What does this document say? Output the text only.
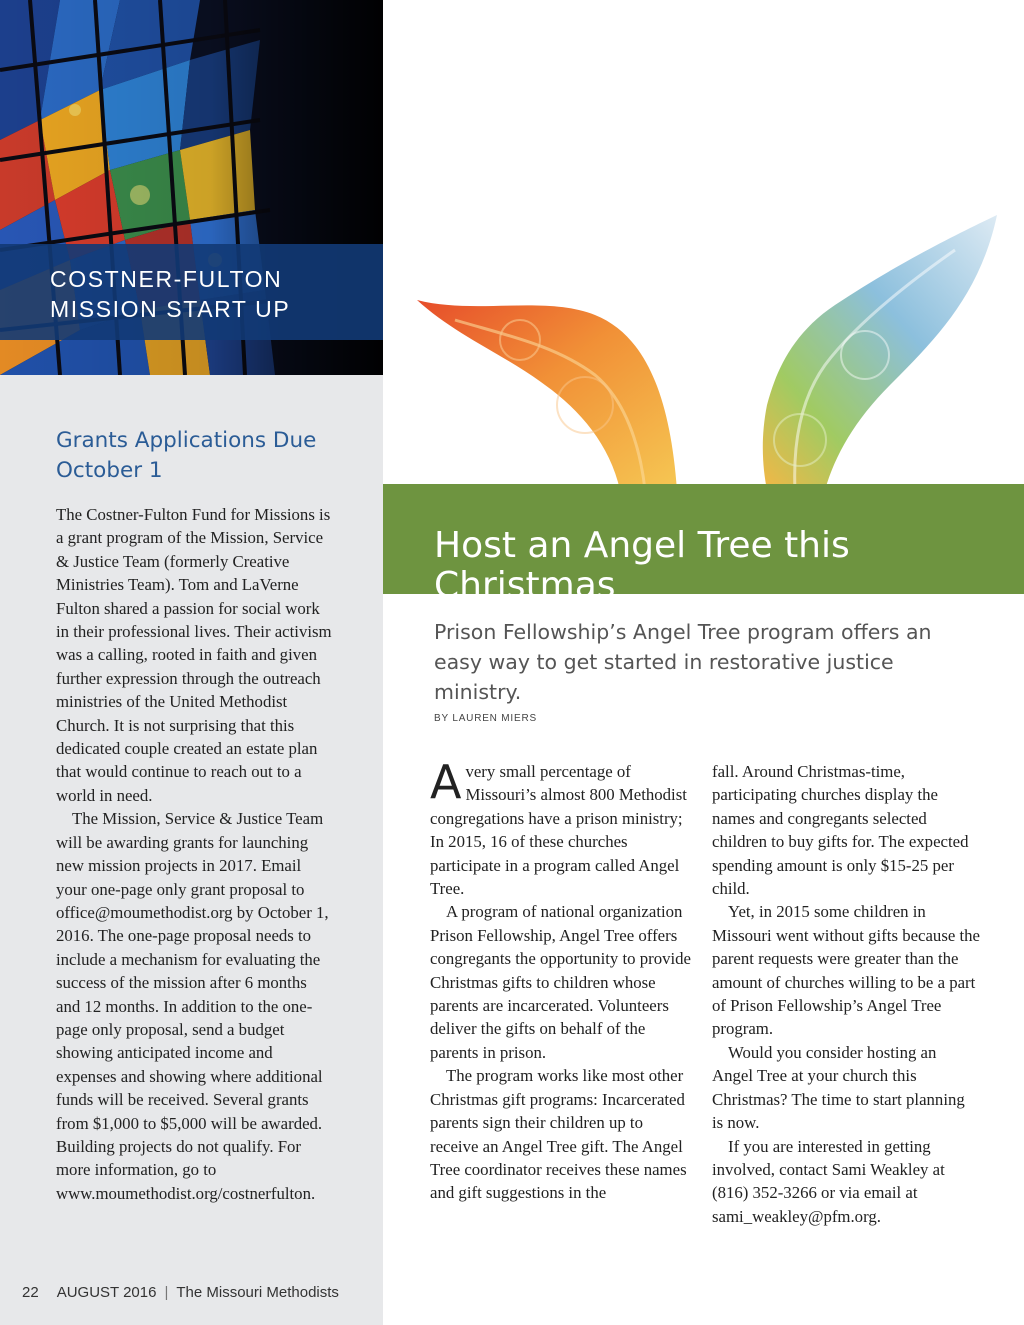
COSTNER-FULTON MISSION START UP
Grants Applications Due October 1

The Costner-Fulton Fund for Missions is a grant program of the Mission, Service & Justice Team (formerly Creative Ministries Team). Tom and LaVerne Fulton shared a passion for social work in their professional lives. Their activism was a calling, rooted in faith and given further expression through the outreach ministries of the United Methodist Church. It is not surprising that this dedicated couple created an estate plan that would continue to reach out to a world in need.

The Mission, Service & Justice Team will be awarding grants for launching new mission projects in 2017. Email your one-page only grant proposal to office@moumethodist.org by October 1, 2016. The one-page proposal needs to include a mechanism for evaluating the success of the mission after 6 months and 12 months. In addition to the one-page only proposal, send a budget showing anticipated income and expenses and showing where additional funds will be received. Several grants from $1,000 to $5,000 will be awarded. Building projects do not qualify. For more information, go to www.moumethodist.org/costnerfulton.

22 AUGUST 2016 | The Missouri Methodists
Host an Angel Tree this Christmas
Prison Fellowship’s Angel Tree program offers an easy way to get started in restorative justice ministry.
BY LAUREN MIERS

A very small percentage of Missouri’s almost 800 Methodist congregations have a prison ministry; In 2015, 16 of these churches participate in a program called Angel Tree.

A program of national organization Prison Fellowship, Angel Tree offers congregants the opportunity to provide Christmas gifts to children whose parents are incarcerated. Volunteers deliver the gifts on behalf of the parents in prison.

The program works like most other Christmas gift programs: Incarcerated parents sign their children up to receive an Angel Tree gift. The Angel Tree coordinator receives these names and gift suggestions in the

fall. Around Christmas-time, participating churches display the names and congregants selected children to buy gifts for. The expected spending amount is only $15-25 per child.

Yet, in 2015 some children in Missouri went without gifts because the parent requests were greater than the amount of churches willing to be a part of Prison Fellowship’s Angel Tree program.

Would you consider hosting an Angel Tree at your church this Christmas? The time to start planning is now.

If you are interested in getting involved, contact Sami Weakley at (816) 352-3266 or via email at sami_weakley@pfm.org.
